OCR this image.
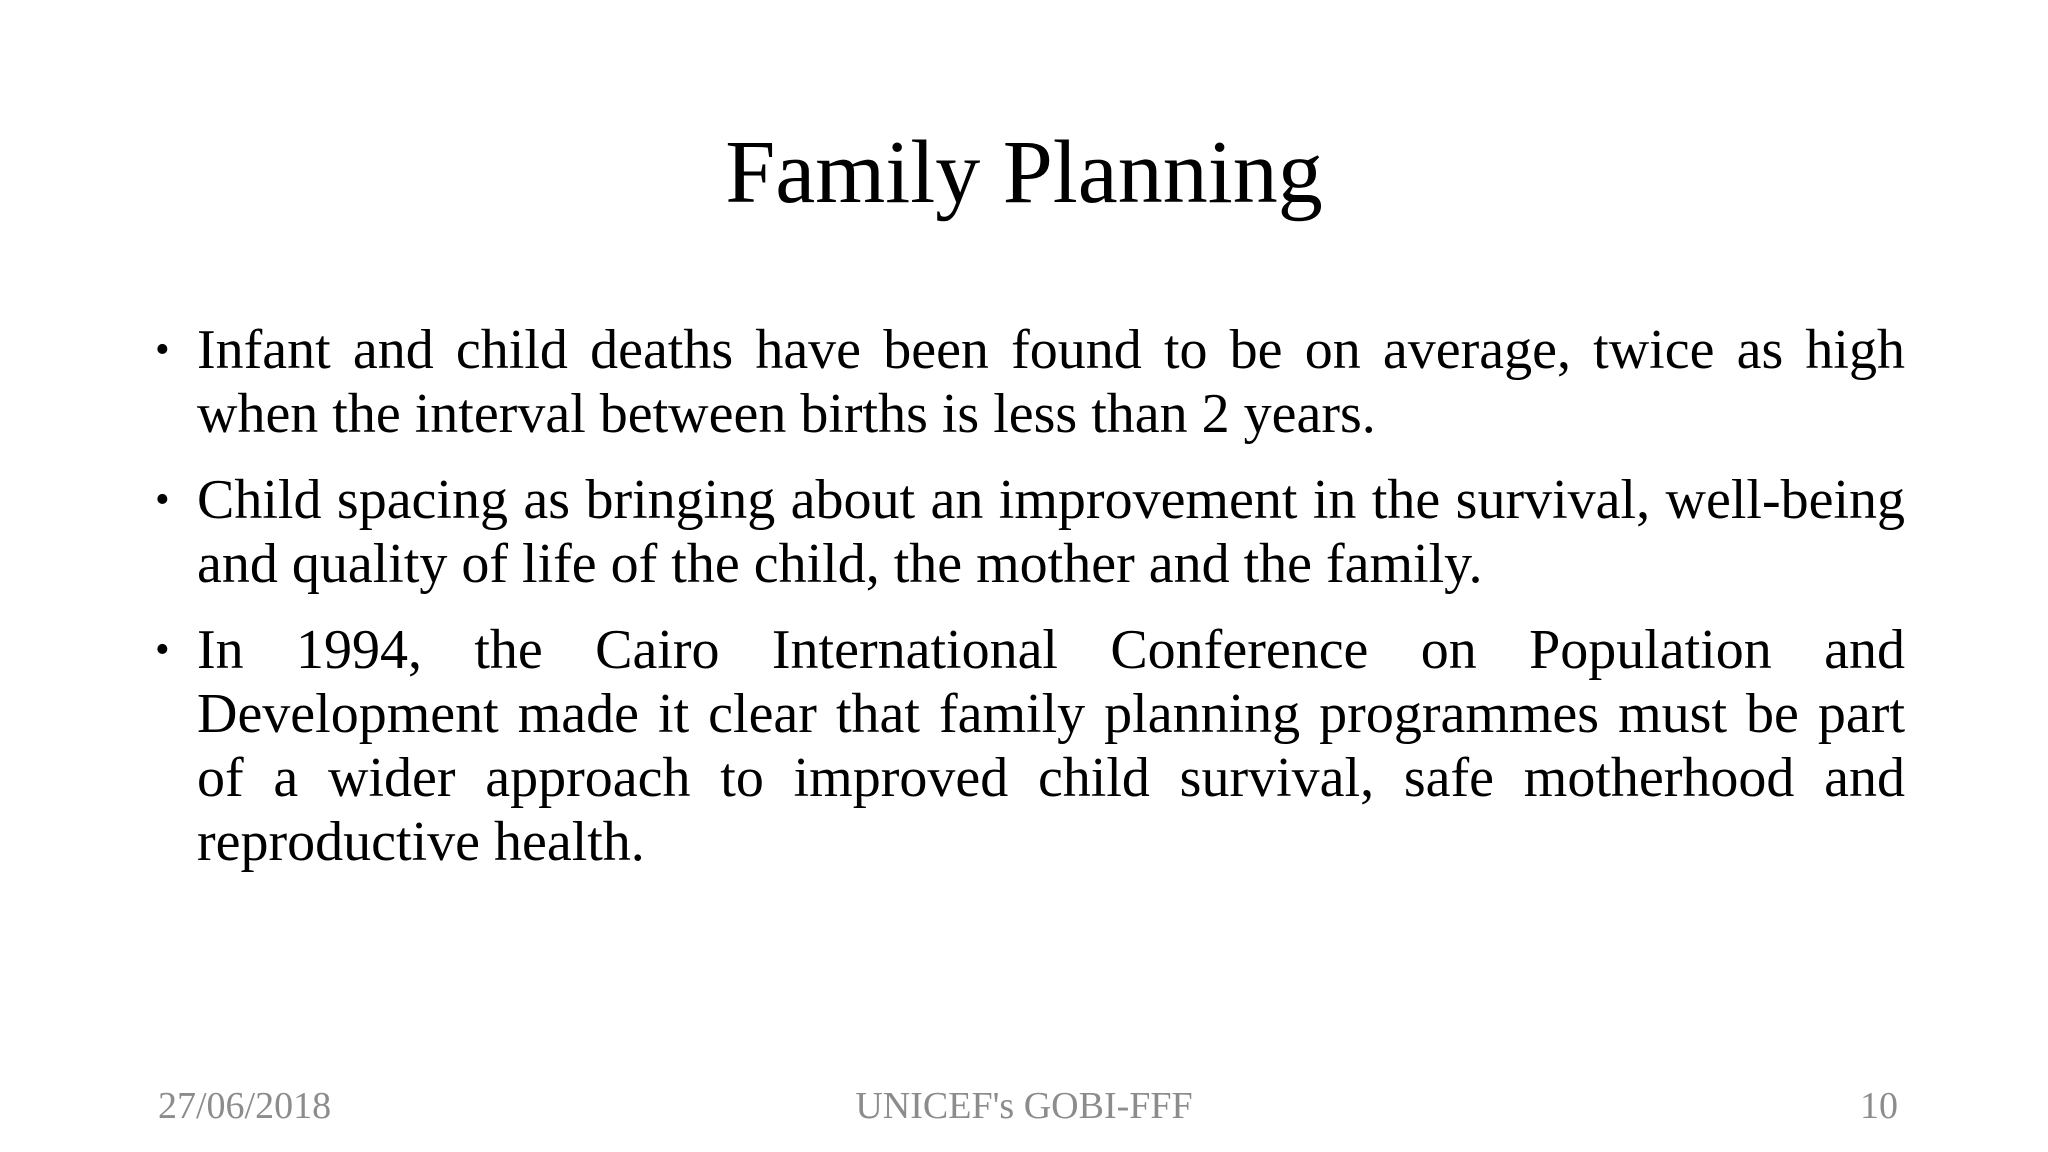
Family Planning
• Infant and child deaths have been found to be on average, twice as high when the interval between births is less than 2 years.
• Child spacing as bringing about an improvement in the survival, well-being and quality of life of the child, the mother and the family.
• In 1994, the Cairo International Conference on Population and Development made it clear that family planning programmes must be part of a wider approach to improved child survival, safe motherhood and reproductive health.
27/06/2018	UNICEF's GOBI-FFF	10
